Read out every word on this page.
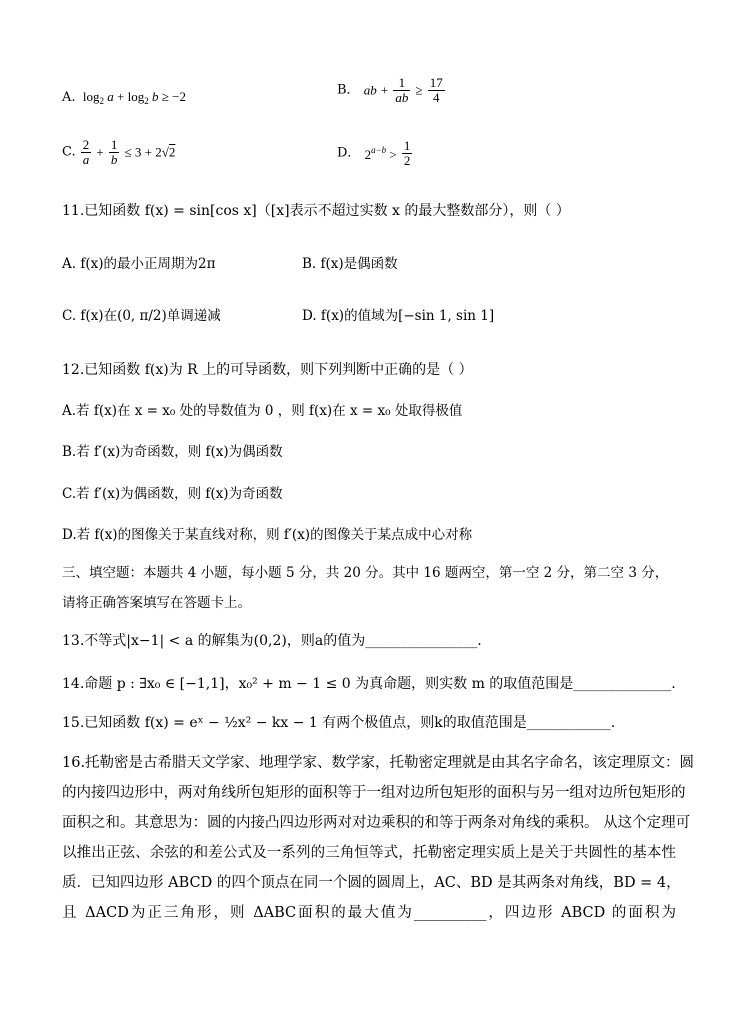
A.  $\log_2 a + \log_2 b \ge -2$	B． ab + $\frac{1}{ab} \ge \frac{17}{4}$
C. $\frac{2}{a} + \frac{1}{b} \le 3 + 2√2$	D． $2^{a-b} > \frac{1}{2}$
11.已知函数 f(x) = sin[cos x]（[x]表示不超过实数 x 的最大整数部分），则（ ）
A. f(x)的最小正周期为2π	B. f(x)是偶函数
C. f(x)在(0, π/2)单调递减	D. f(x)的值域为[−sin 1, sin 1]
12.已知函数 f(x)为 R 上的可导函数，则下列判断中正确的是（ ）
A.若 f(x)在 x = x₀ 处的导数值为 0 ，则 f(x)在 x = x₀ 处取得极值
B.若 f′(x)为奇函数，则 f(x)为偶函数
C.若 f′(x)为偶函数，则 f(x)为奇函数
D.若 f(x)的图像关于某直线对称，则 f′(x)的图像关于某点成中心对称
三、填空题：本题共 4 小题，每小题 5 分，共 20 分。其中 16 题两空，第一空 2 分，第二空 3 分，
请将正确答案填写在答题卡上。
13.不等式|x−1| < a 的解集为(0,2)，则a的值为________________.
14.命题 p : ∃x₀ ∈ [−1,1]，x₀² + m − 1 ≤ 0 为真命题，则实数 m 的取值范围是______________.
15.已知函数 f(x) = eˣ − ½x² − kx − 1 有两个极值点，则k的取值范围是____________.
16.托勒密是古希腊天文学家、地理学家、数学家，托勒密定理就是由其名字命名，该定理原文：圆
的内接四边形中，两对角线所包矩形的面积等于一组对边所包矩形的面积与另一组对边所包矩形的
面积之和。其意思为：圆的内接凸四边形两对对边乘积的和等于两条对角线的乘积。 从这个定理可
以推出正弦、余弦的和差公式及一系列的三角恒等式，托勒密定理实质上是关于共圆性的基本性
质．已知四边形 ABCD 的四个顶点在同一个圆的圆周上，AC、BD 是其两条对角线，BD = 4，
且 ΔACD为正三角形，则 ΔABC面积的最大值为__________，四边形 ABCD 的面积为
